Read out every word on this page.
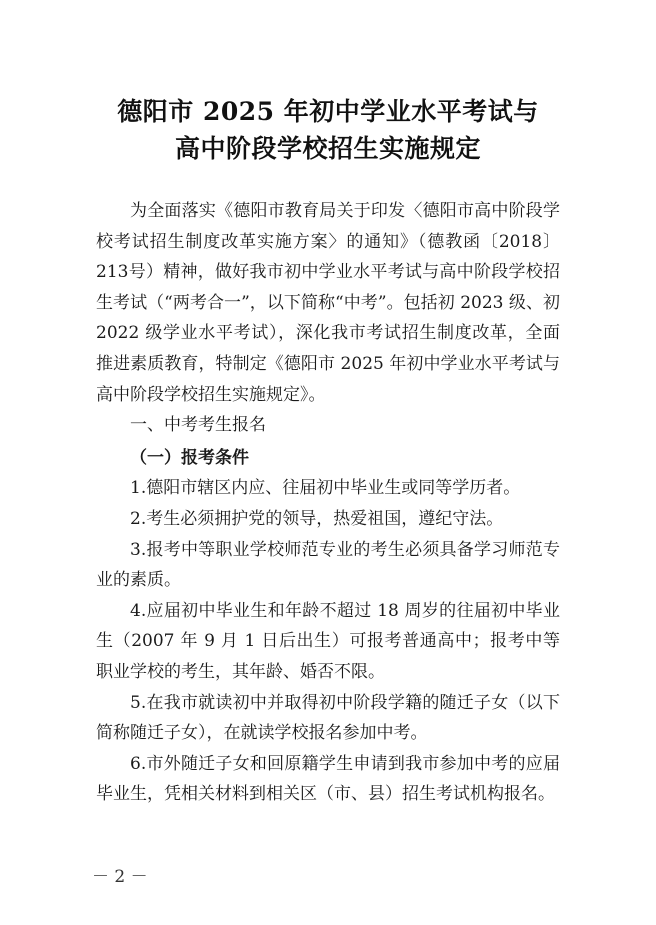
德阳市 2025 年初中学业水平考试与
高中阶段学校招生实施规定

为全面落实《德阳市教育局关于印发〈德阳市高中阶段学校考试招生制度改革实施方案〉的通知》（德教函〔2018〕213号）精神，做好我市初中学业水平考试与高中阶段学校招生考试（“两考合一”，以下简称“中考”。包括初 2023 级、初 2022 级学业水平考试），深化我市考试招生制度改革，全面推进素质教育，特制定《德阳市 2025 年初中学业水平考试与高中阶段学校招生实施规定》。

一、中考考生报名
（一）报考条件

1.德阳市辖区内应、往届初中毕业生或同等学历者。

2.考生必须拥护党的领导，热爱祖国，遵纪守法。

3.报考中等职业学校师范专业的考生必须具备学习师范专业的素质。

4.应届初中毕业生和年龄不超过 18 周岁的往届初中毕业生（2007 年 9 月 1 日后出生）可报考普通高中；报考中等职业学校的考生，其年龄、婚否不限。

5.在我市就读初中并取得初中阶段学籍的随迁子女（以下简称随迁子女），在就读学校报名参加中考。

6.市外随迁子女和回原籍学生申请到我市参加中考的应届毕业生，凭相关材料到相关区（市、县）招生考试机构报名。

－ 2 －
